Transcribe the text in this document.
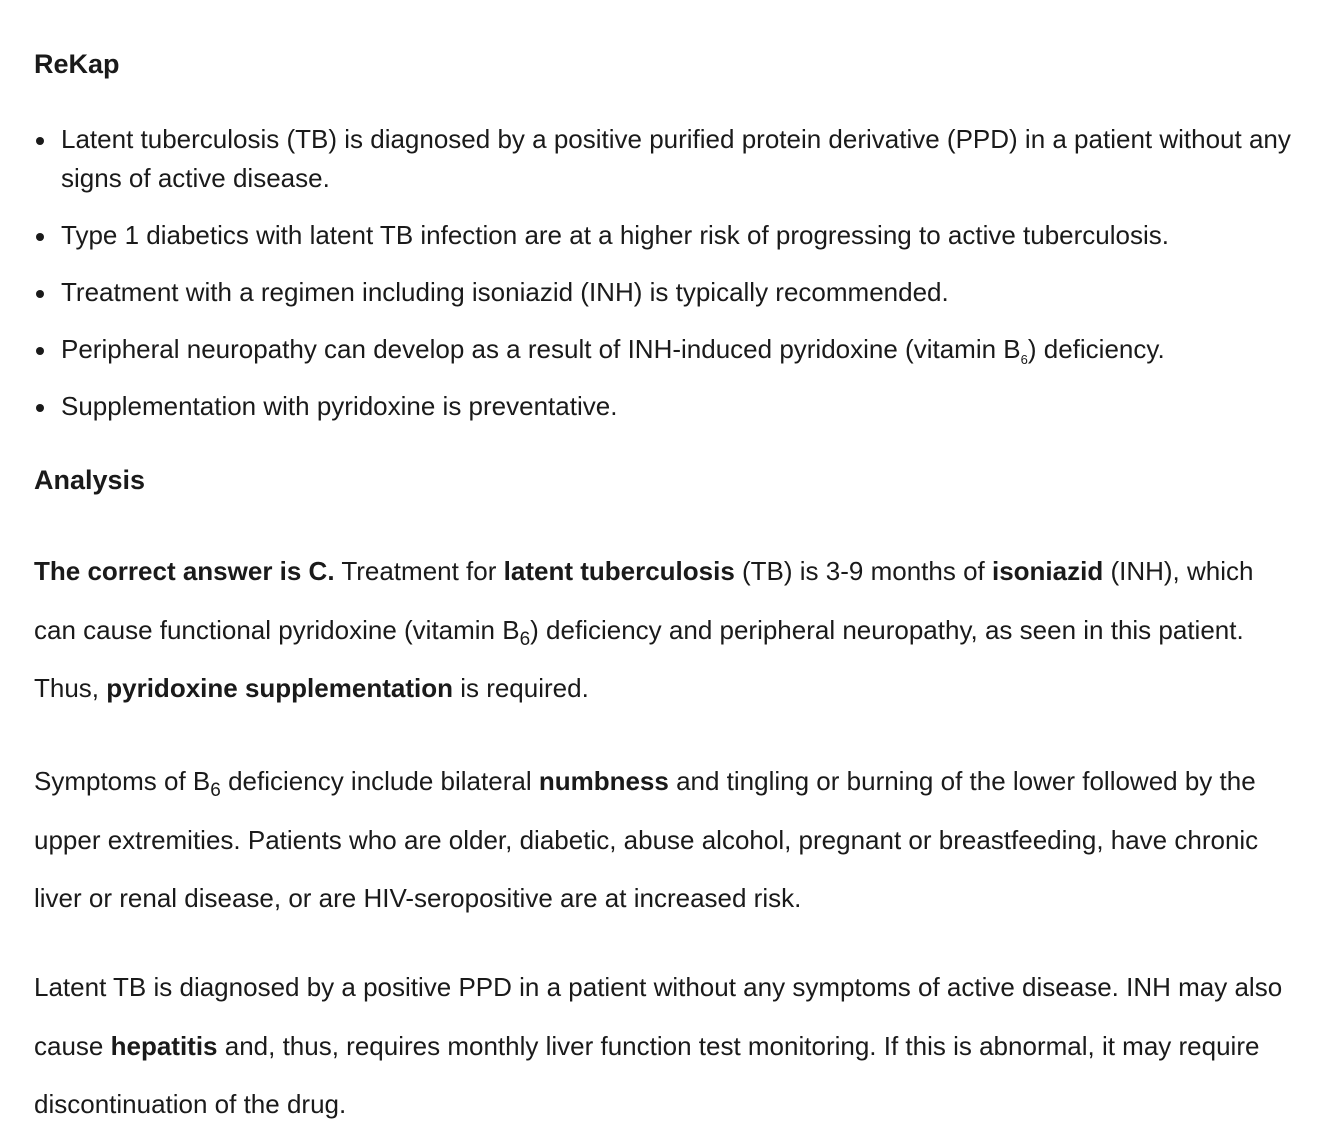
ReKap
Latent tuberculosis (TB) is diagnosed by a positive purified protein derivative (PPD) in a patient without any signs of active disease.
Type 1 diabetics with latent TB infection are at a higher risk of progressing to active tuberculosis.
Treatment with a regimen including isoniazid (INH) is typically recommended.
Peripheral neuropathy can develop as a result of INH-induced pyridoxine (vitamin $B_6$) deficiency.
Supplementation with pyridoxine is preventative.
Analysis

The correct answer is C. Treatment for latent tuberculosis (TB) is 3-9 months of isoniazid (INH), which can cause functional pyridoxine (vitamin $B_6$) deficiency and peripheral neuropathy, as seen in this patient. Thus, pyridoxine supplementation is required.

Symptoms of $B_6$ deficiency include bilateral numbness and tingling or burning of the lower followed by the upper extremities. Patients who are older, diabetic, abuse alcohol, pregnant or breastfeeding, have chronic liver or renal disease, or are HIV-seropositive are at increased risk.

Latent TB is diagnosed by a positive PPD in a patient without any symptoms of active disease. INH may also cause hepatitis and, thus, requires monthly liver function test monitoring. If this is abnormal, it may require discontinuation of the drug.
